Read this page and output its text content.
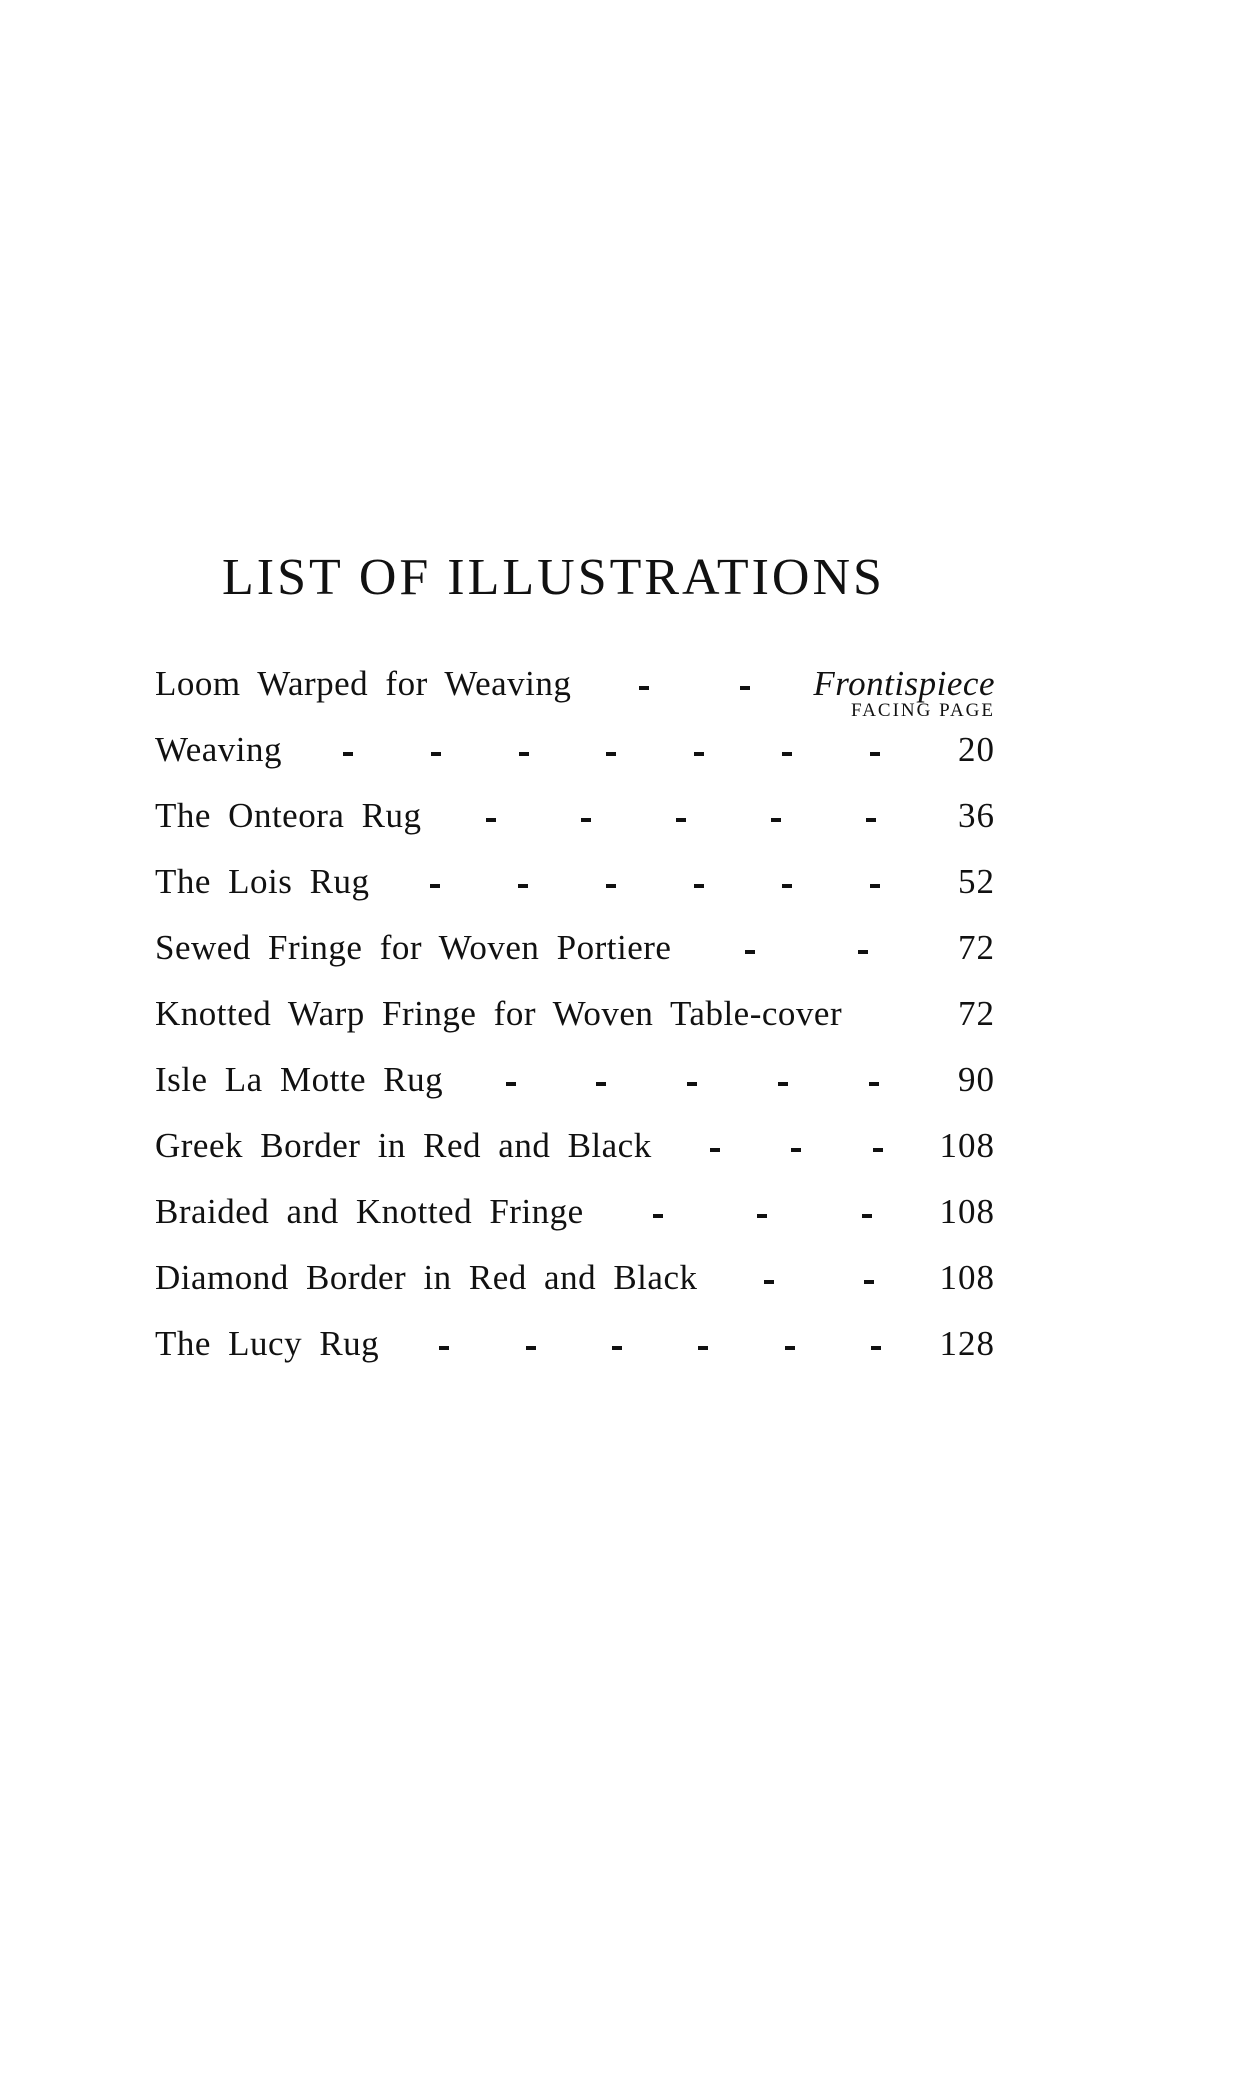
LIST OF ILLUSTRATIONS
Loom Warped for Weaving	Frontispiece
FACING PAGE
Weaving	20
The Onteora Rug	36
The Lois Rug	52
Sewed Fringe for Woven Portiere	72
Knotted Warp Fringe for Woven Table-cover	72
Isle La Motte Rug	90
Greek Border in Red and Black	108
Braided and Knotted Fringe	108
Diamond Border in Red and Black	108
The Lucy Rug	128
